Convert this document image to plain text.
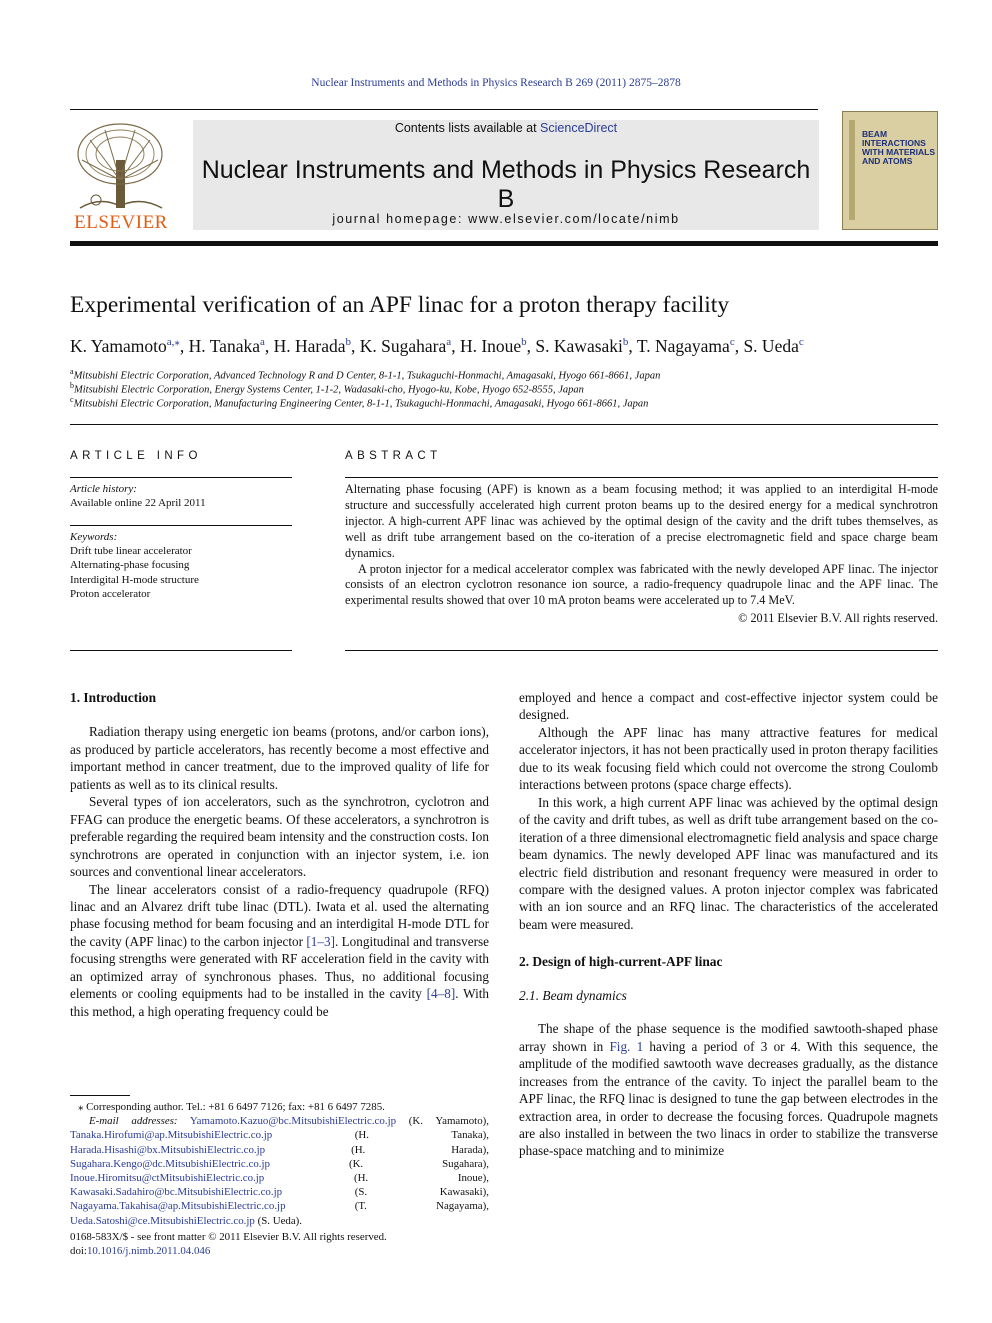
Nuclear Instruments and Methods in Physics Research B 269 (2011) 2875–2878
ELSEVIER
Contents lists available at ScienceDirect
Nuclear Instruments and Methods in Physics Research B
journal homepage: www.elsevier.com/locate/nimb
BEAM INTERACTIONS WITH MATERIALS AND ATOMS
Experimental verification of an APF linac for a proton therapy facility
K. Yamamoto$^{a,⁎}$, H. Tanaka$^a$, H. Harada$^b$, K. Sugahara$^a$, H. Inoue$^b$, S. Kawasaki$^b$, T. Nagayama$^c$, S. Ueda$^c$
$^a$Mitsubishi Electric Corporation, Advanced Technology R and D Center, 8-1-1, Tsukaguchi-Honmachi, Amagasaki, Hyogo 661-8661, Japan
$^b$Mitsubishi Electric Corporation, Energy Systems Center, 1-1-2, Wadasaki-cho, Hyogo-ku, Kobe, Hyogo 652-8555, Japan
$^c$Mitsubishi Electric Corporation, Manufacturing Engineering Center, 8-1-1, Tsukaguchi-Honmachi, Amagasaki, Hyogo 661-8661, Japan
ARTICLE INFO
Article history:
Available online 22 April 2011
Keywords:
Drift tube linear accelerator
Alternating-phase focusing
Interdigital H-mode structure
Proton accelerator
ABSTRACT

Alternating phase focusing (APF) is known as a beam focusing method; it was applied to an interdigital H-mode structure and successfully accelerated high current proton beams up to the desired energy for a medical synchrotron injector. A high-current APF linac was achieved by the optimal design of the cavity and the drift tubes themselves, as well as drift tube arrangement based on the co-iteration of a precise electromagnetic field and space charge beam dynamics.

A proton injector for a medical accelerator complex was fabricated with the newly developed APF linac. The injector consists of an electron cyclotron resonance ion source, a radio-frequency quadrupole linac and the APF linac. The experimental results showed that over 10 mA proton beams were accelerated up to 7.4 MeV.

© 2011 Elsevier B.V. All rights reserved.
1. Introduction

Radiation therapy using energetic ion beams (protons, and/or carbon ions), as produced by particle accelerators, has recently become a most effective and important method in cancer treatment, due to the improved quality of life for patients as well as to its clinical results.

Several types of ion accelerators, such as the synchrotron, cyclotron and FFAG can produce the energetic beams. Of these accelerators, a synchrotron is preferable regarding the required beam intensity and the construction costs. Ion synchrotrons are operated in conjunction with an injector system, i.e. ion sources and conventional linear accelerators.

The linear accelerators consist of a radio-frequency quadrupole (RFQ) linac and an Alvarez drift tube linac (DTL). Iwata et al. used the alternating phase focusing method for beam focusing and an interdigital H-mode DTL for the cavity (APF linac) to the carbon injector [1–3]. Longitudinal and transverse focusing strengths were generated with RF acceleration field in the cavity with an optimized array of synchronous phases. Thus, no additional focusing elements or cooling equipments had to be installed in the cavity [4–8]. With this method, a high operating frequency could be

⁎ Corresponding author. Tel.: +81 6 6497 7126; fax: +81 6 6497 7285.
E-mail addresses: Yamamoto.Kazuo@bc.MitsubishiElectric.co.jp (K. Yamamoto), Tanaka.Hirofumi@ap.MitsubishiElectric.co.jp	(H. Tanaka), Harada.Hisashi@bx.MitsubishiElectric.co.jp	(H. Harada), Sugahara.Kengo@dc.MitsubishiElectric.co.jp	(K. Sugahara), Inoue.Hiromitsu@ctMitsubishiElectric.co.jp	(H. Inoue), Kawasaki.Sadahiro@bc.MitsubishiElectric.co.jp	(S. Kawasaki), Nagayama.Takahisa@ap.MitsubishiElectric.co.jp	(T. Nagayama), Ueda.Satoshi@ce.MitsubishiElectric.co.jp (S. Ueda).
0168-583X/$ - see front matter © 2011 Elsevier B.V. All rights reserved.
doi:10.1016/j.nimb.2011.04.046

employed and hence a compact and cost-effective injector system could be designed.

Although the APF linac has many attractive features for medical accelerator injectors, it has not been practically used in proton therapy facilities due to its weak focusing field which could not overcome the strong Coulomb interactions between protons (space charge effects).

In this work, a high current APF linac was achieved by the optimal design of the cavity and drift tubes, as well as drift tube arrangement based on the co-iteration of a three dimensional electromagnetic field analysis and space charge beam dynamics. The newly developed APF linac was manufactured and its electric field distribution and resonant frequency were measured in order to compare with the designed values. A proton injector complex was fabricated with an ion source and an RFQ linac. The characteristics of the accelerated beam were measured.

2. Design of high-current-APF linac
2.1. Beam dynamics

The shape of the phase sequence is the modified sawtooth-shaped phase array shown in Fig. 1 having a period of 3 or 4. With this sequence, the amplitude of the modified sawtooth wave decreases gradually, as the distance increases from the entrance of the cavity. To inject the parallel beam to the APF linac, the RFQ linac is designed to tune the gap between electrodes in the extraction area, in order to decrease the focusing forces. Quadrupole magnets are also installed in between the two linacs in order to stabilize the transverse phase-space matching and to minimize
